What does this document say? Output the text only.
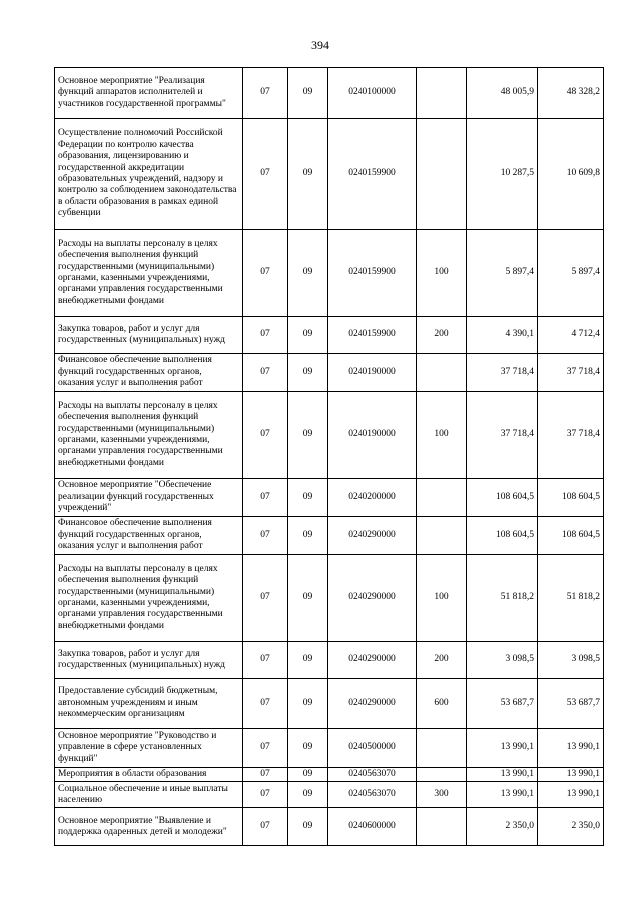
394
Основное мероприятие "Реализация функций аппаратов исполнителей и участников государственной программы"	07	09	0240100000		48 005,9	48 328,2
Осуществление полномочий Российской Федерации по контролю качества образования, лицензированию и государственной аккредитации образовательных учреждений, надзору и контролю за соблюдением законодательства в области образования в рамках единой субвенции	07	09	0240159900		10 287,5	10 609,8
Расходы на выплаты персоналу в целях обеспечения выполнения функций государственными (муниципальными) органами, казенными учреждениями, органами управления государственными внебюджетными фондами	07	09	0240159900	100	5 897,4	5 897,4
Закупка товаров, работ и услуг для государственных (муниципальных) нужд	07	09	0240159900	200	4 390,1	4 712,4
Финансовое обеспечение выполнения функций государственных органов, оказания услуг и выполнения работ	07	09	0240190000		37 718,4	37 718,4
Расходы на выплаты персоналу в целях обеспечения выполнения функций государственными (муниципальными) органами, казенными учреждениями, органами управления государственными внебюджетными фондами	07	09	0240190000	100	37 718,4	37 718,4
Основное мероприятие "Обеспечение реализации функций государственных учреждений"	07	09	0240200000		108 604,5	108 604,5
Финансовое обеспечение выполнения функций государственных органов, оказания услуг и выполнения работ	07	09	0240290000		108 604,5	108 604,5
Расходы на выплаты персоналу в целях обеспечения выполнения функций государственными (муниципальными) органами, казенными учреждениями, органами управления государственными внебюджетными фондами	07	09	0240290000	100	51 818,2	51 818,2
Закупка товаров, работ и услуг для государственных (муниципальных) нужд	07	09	0240290000	200	3 098,5	3 098,5
Предоставление субсидий бюджетным, автономным учреждениям и иным некоммерческим организациям	07	09	0240290000	600	53 687,7	53 687,7
Основное мероприятие "Руководство и управление в сфере установленных функций"	07	09	0240500000		13 990,1	13 990,1
Мероприятия в области образования	07	09	0240563070		13 990,1	13 990,1
Социальное обеспечение и иные выплаты населению	07	09	0240563070	300	13 990,1	13 990,1
Основное мероприятие "Выявление и поддержка одаренных детей и молодежи"	07	09	0240600000		2 350,0	2 350,0
